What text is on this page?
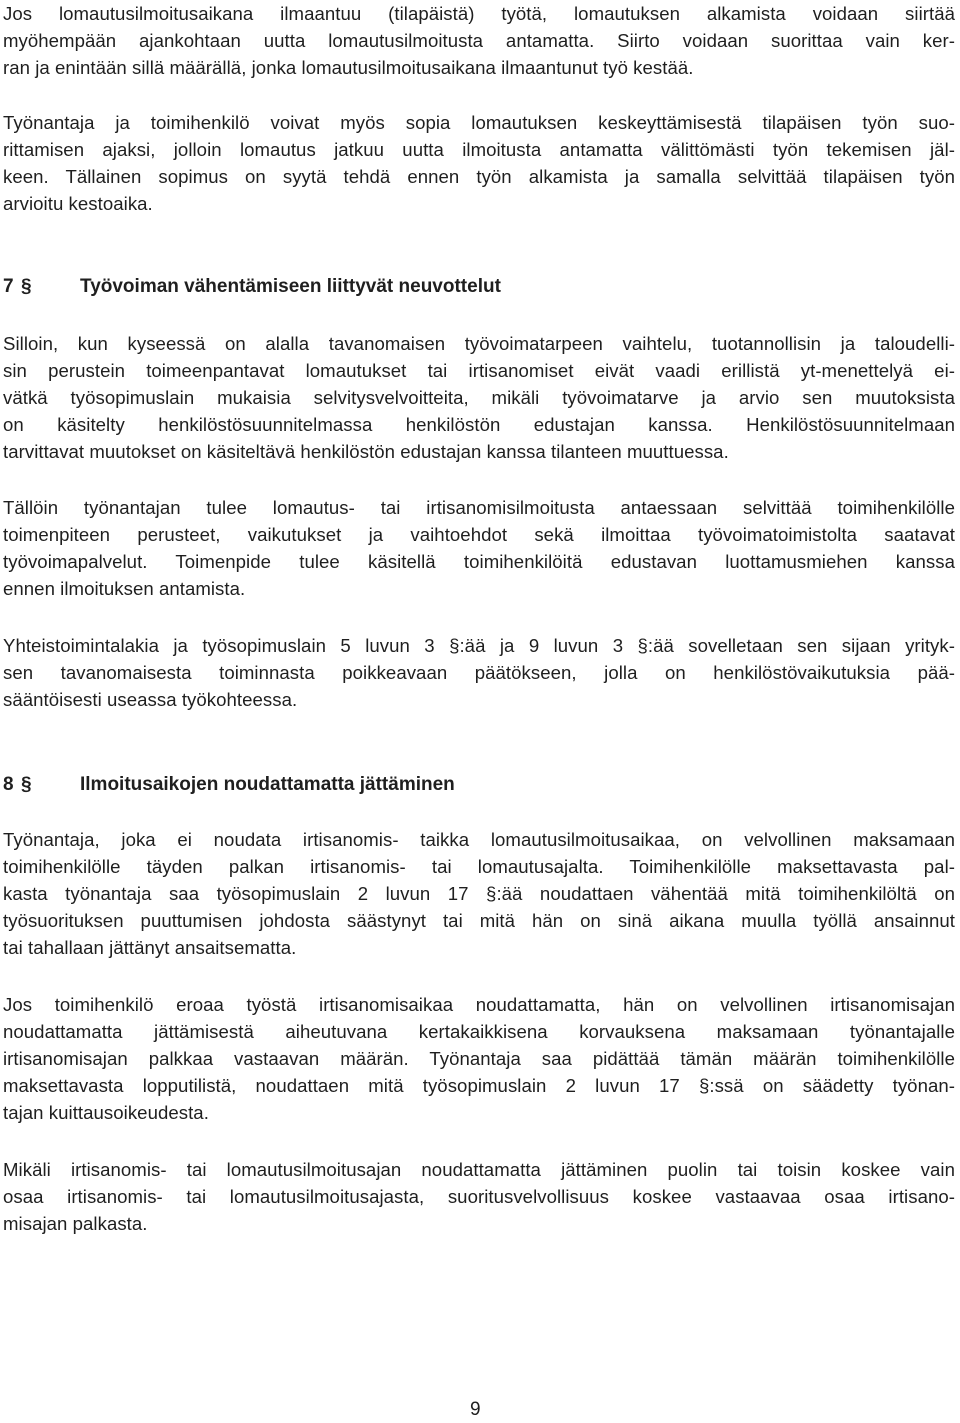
Jos lomautusilmoitusaikana ilmaantuu (tilapäistä) työtä, lomautuksen alkamista voidaan siirtää
myöhempään ajankohtaan uutta lomautusilmoitusta antamatta. Siirto voidaan suorittaa vain ker-
ran ja enintään sillä määrällä, jonka lomautusilmoitusaikana ilmaantunut työ kestää.
Työnantaja ja toimihenkilö voivat myös sopia lomautuksen keskeyttämisestä tilapäisen työn suo-
rittamisen ajaksi, jolloin lomautus jatkuu uutta ilmoitusta antamatta välittömästi työn tekemisen jäl-
keen. Tällainen sopimus on syytä tehdä ennen työn alkamista ja samalla selvittää tilapäisen työn
arvioitu kestoaika.
7 §	Työvoiman vähentämiseen liittyvät neuvottelut
Silloin, kun kyseessä on alalla tavanomaisen työvoimatarpeen vaihtelu, tuotannollisin ja taloudelli-
sin perustein toimeenpantavat lomautukset tai irtisanomiset eivät vaadi erillistä yt-menettelyä ei-
vätkä työsopimuslain mukaisia selvitysvelvoitteita, mikäli työvoimatarve ja arvio sen muutoksista
on käsitelty henkilöstösuunnitelmassa henkilöstön edustajan kanssa. Henkilöstösuunnitelmaan
tarvittavat muutokset on käsiteltävä henkilöstön edustajan kanssa tilanteen muuttuessa.
Tällöin työnantajan tulee lomautus- tai irtisanomisilmoitusta antaessaan selvittää toimihenkilölle
toimenpiteen perusteet, vaikutukset ja vaihtoehdot sekä ilmoittaa työvoimatoimistolta saatavat
työvoimapalvelut. Toimenpide tulee käsitellä toimihenkilöitä edustavan luottamusmiehen kanssa
ennen ilmoituksen antamista.
Yhteistoimintalakia ja työsopimuslain 5 luvun 3 §:ää ja 9 luvun 3 §:ää sovelletaan sen sijaan yrityk-
sen tavanomaisesta toiminnasta poikkeavaan päätökseen, jolla on henkilöstövaikutuksia pää-
sääntöisesti useassa työkohteessa.
8 §	Ilmoitusaikojen noudattamatta jättäminen
Työnantaja, joka ei noudata irtisanomis- taikka lomautusilmoitusaikaa, on velvollinen maksamaan
toimihenkilölle täyden palkan irtisanomis- tai lomautusajalta. Toimihenkilölle maksettavasta pal-
kasta työnantaja saa työsopimuslain 2 luvun 17 §:ää noudattaen vähentää mitä toimihenkilöltä on
työsuorituksen puuttumisen johdosta säästynyt tai mitä hän on sinä aikana muulla työllä ansainnut
tai tahallaan jättänyt ansaitsematta.
Jos toimihenkilö eroaa työstä irtisanomisaikaa noudattamatta, hän on velvollinen irtisanomisajan
noudattamatta jättämisestä aiheutuvana kertakaikkisena korvauksena maksamaan työnantajalle
irtisanomisajan palkkaa vastaavan määrän. Työnantaja saa pidättää tämän määrän toimihenkilölle
maksettavasta lopputilistä, noudattaen mitä työsopimuslain 2 luvun 17 §:ssä on säädetty työnan-
tajan kuittausoikeudesta.
Mikäli irtisanomis- tai lomautusilmoitusajan noudattamatta jättäminen puolin tai toisin koskee vain
osaa irtisanomis- tai lomautusilmoitusajasta, suoritusvelvollisuus koskee vastaavaa osaa irtisano-
misajan palkasta.
9
